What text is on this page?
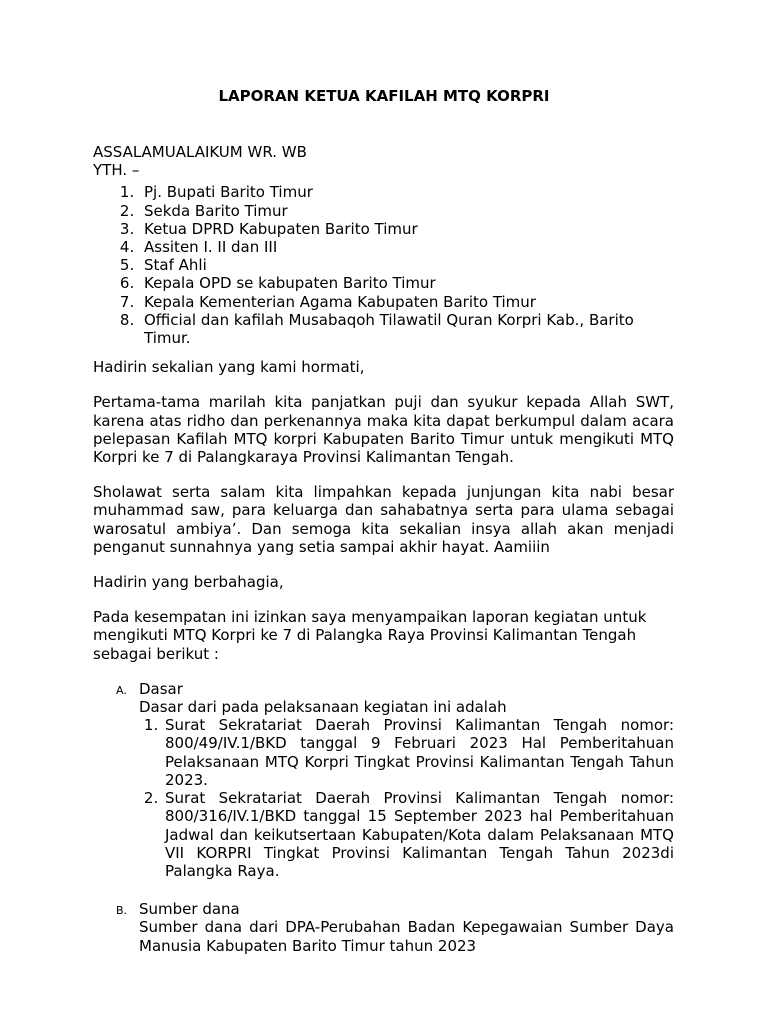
LAPORAN KETUA KAFILAH MTQ KORPRI

ASSALAMUALAIKUM WR. WB

YTH. –

1. Pj. Bupati Barito Timur
2. Sekda Barito Timur
3. Ketua DPRD Kabupaten Barito Timur
4. Assiten I. II dan III
5. Staf Ahli
6. Kepala OPD se kabupaten Barito Timur
7. Kepala Kementerian Agama Kabupaten Barito Timur
8. Official dan kafilah Musabaqoh Tilawatil Quran Korpri Kab., Barito Timur.

Hadirin sekalian yang kami hormati,

Pertama-tama marilah kita panjatkan puji dan syukur kepada Allah SWT, karena atas ridho dan perkenannya maka kita dapat berkumpul dalam acara pelepasan Kafilah MTQ korpri Kabupaten Barito Timur untuk mengikuti MTQ Korpri ke 7 di Palangkaraya Provinsi Kalimantan Tengah.

Sholawat serta salam kita limpahkan kepada junjungan kita nabi besar muhammad saw, para keluarga dan sahabatnya serta para ulama sebagai warosatul ambiya’. Dan semoga kita sekalian insya allah akan menjadi penganut sunnahnya yang setia sampai akhir hayat. Aamiiin

Hadirin yang berbahagia,

Pada kesempatan ini izinkan saya menyampaikan laporan kegiatan untuk mengikuti MTQ Korpri ke 7 di Palangka Raya Provinsi Kalimantan Tengah sebagai berikut :

A. Dasar

Dasar dari pada pelaksanaan kegiatan ini adalah

1. Surat Sekratariat Daerah Provinsi Kalimantan Tengah nomor: 800/49/IV.1/BKD tanggal 9 Februari 2023 Hal Pemberitahuan Pelaksanaan MTQ Korpri Tingkat Provinsi Kalimantan Tengah Tahun 2023.
2. Surat Sekratariat Daerah Provinsi Kalimantan Tengah nomor: 800/316/IV.1/BKD tanggal 15 September 2023 hal Pemberitahuan Jadwal dan keikutsertaan Kabupaten/Kota dalam Pelaksanaan MTQ VII KORPRI Tingkat Provinsi Kalimantan Tengah Tahun 2023di Palangka Raya.
B. Sumber dana

Sumber dana dari DPA-Perubahan Badan Kepegawaian Sumber Daya Manusia Kabupaten Barito Timur tahun 2023
